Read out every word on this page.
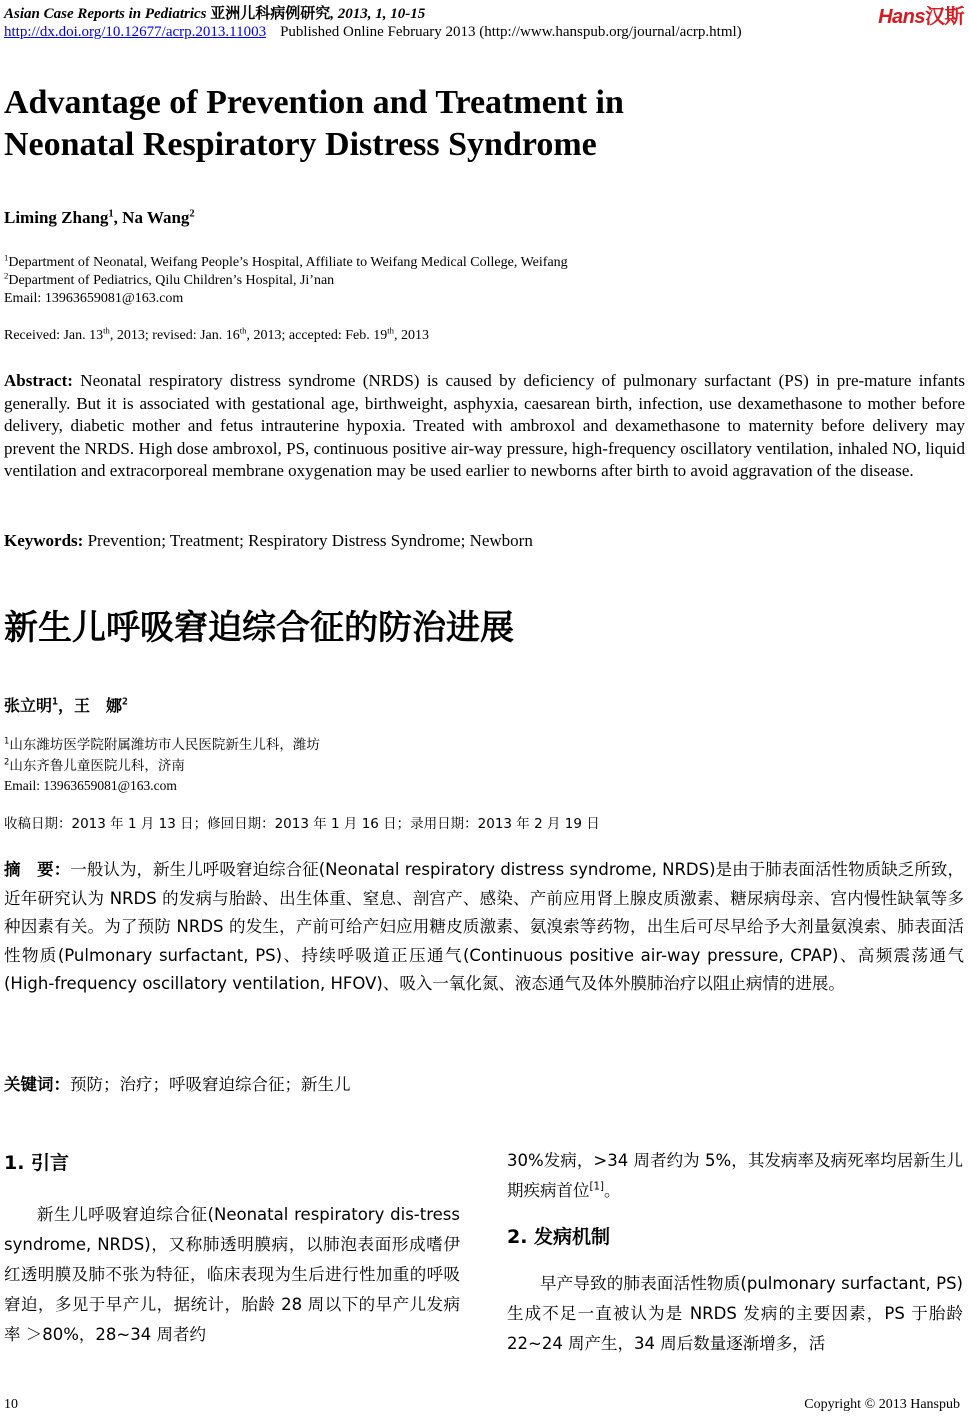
Asian Case Reports in Pediatrics 亚洲儿科病例研究, 2013, 1, 10-15	Hans汉斯
http://dx.doi.org/10.12677/acrp.2013.11003 Published Online February 2013 (http://www.hanspub.org/journal/acrp.html)
Advantage of Prevention and Treatment in
Neonatal Respiratory Distress Syndrome
Liming Zhang$^1$, Na Wang$^2$
$^1$Department of Neonatal, Weifang People’s Hospital, Affiliate to Weifang Medical College, Weifang
$^2$Department of Pediatrics, Qilu Children’s Hospital, Ji’nan
Email: 13963659081@163.com
Received: Jan. 13th, 2013; revised: Jan. 16th, 2013; accepted: Feb. 19th, 2013
Abstract: Neonatal respiratory distress syndrome (NRDS) is caused by deficiency of pulmonary surfactant (PS) in pre-mature infants generally. But it is associated with gestational age, birthweight, asphyxia, caesarean birth, infection, use dexamethasone to mother before delivery, diabetic mother and fetus intrauterine hypoxia. Treated with ambroxol and dexamethasone to maternity before delivery may prevent the NRDS. High dose ambroxol, PS, continuous positive air-way pressure, high-frequency oscillatory ventilation, inhaled NO, liquid ventilation and extracorporeal membrane oxygenation may be used earlier to newborns after birth to avoid aggravation of the disease.
Keywords: Prevention; Treatment; Respiratory Distress Syndrome; Newborn
新生儿呼吸窘迫综合征的防治进展
张立明$^1$，王　娜$^2$
$^1$山东潍坊医学院附属潍坊市人民医院新生儿科，潍坊
$^2$山东齐鲁儿童医院儿科，济南
Email: 13963659081@163.com
收稿日期：2013 年 1 月 13 日；修回日期：2013 年 1 月 16 日；录用日期：2013 年 2 月 19 日
摘　要：一般认为，新生儿呼吸窘迫综合征(Neonatal respiratory distress syndrome, NRDS)是由于肺表面活性物质缺乏所致，近年研究认为 NRDS 的发病与胎龄、出生体重、窒息、剖宫产、感染、产前应用肾上腺皮质激素、糖尿病母亲、宫内慢性缺氧等多种因素有关。为了预防 NRDS 的发生，产前可给产妇应用糖皮质激素、氨溴索等药物，出生后可尽早给予大剂量氨溴索、肺表面活性物质(Pulmonary surfactant, PS)、持续呼吸道正压通气(Continuous positive air-way pressure, CPAP)、高频震荡通气(High-frequency oscillatory ventilation, HFOV)、吸入一氧化氮、液态通气及体外膜肺治疗以阻止病情的进展。
关键词：预防；治疗；呼吸窘迫综合征；新生儿
1. 引言
新生儿呼吸窘迫综合征(Neonatal respiratory dis-tress syndrome, NRDS)，又称肺透明膜病，以肺泡表面形成嗜伊红透明膜及肺不张为特征，临床表现为生后进行性加重的呼吸窘迫，多见于早产儿，据统计，胎龄 28 周以下的早产儿发病率 ＞80%，28~34 周者约
30%发病，>34 周者约为 5%，其发病率及病死率均居新生儿期疾病首位[1]。
2. 发病机制
早产导致的肺表面活性物质(pulmonary surfactant, PS)生成不足一直被认为是 NRDS 发病的主要因素，PS 于胎龄 22~24 周产生，34 周后数量逐渐增多，活
10	Copyright © 2013 Hanspub
